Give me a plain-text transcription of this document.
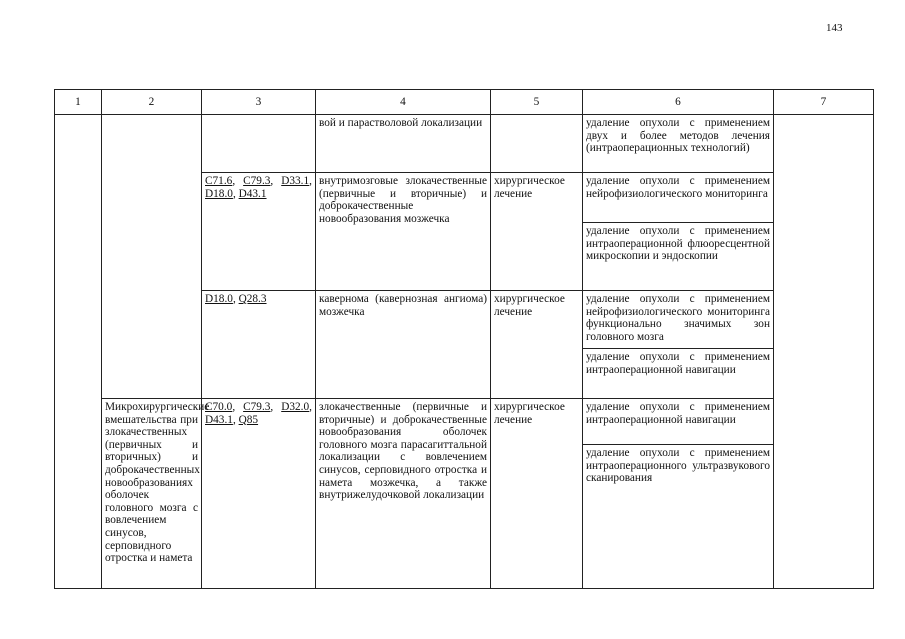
143
1	2	3	4	5	6	7
			вой и парастволовой локализации		удаление опухоли с применением двух и более методов лечения (интраоперационных технологий)	
		C71.6, C79.3, D33.1, D18.0, D43.1	внутримозговые злокачественные (первичные и вторичные) и доброкачественные новообразования мозжечка	хирургическое лечение	удаление опухоли с применением нейрофизиологического мониторинга	
					удаление опухоли с применением интраоперационной флюоресцентной микроскопии и эндоскопии	
		D18.0, Q28.3	кавернома (кавернозная ангиома) мозжечка	хирургическое лечение	удаление опухоли с применением нейрофизиологического мониторинга функционально значимых зон головного мозга	
					удаление опухоли с применением интраоперационной навигации	
	Микрохирургические вмешательства при злокачественных (первичных и вторичных) и доброкачественных новообразованиях оболочек головного мозга с вовлечением синусов, серповидного отростка и намета	C70.0, C79.3, D32.0, D43.1, Q85	злокачественные (первичные и вторичные) и доброкачественные новообразования оболочек головного мозга парасагиттальной локализации с вовлечением синусов, серповидного отростка и намета мозжечка, а также внутрижелудочковой локализации	хирургическое лечение	удаление опухоли с применением интраоперационной навигации	
					удаление опухоли с применением интраоперационного ультразвукового сканирования	
